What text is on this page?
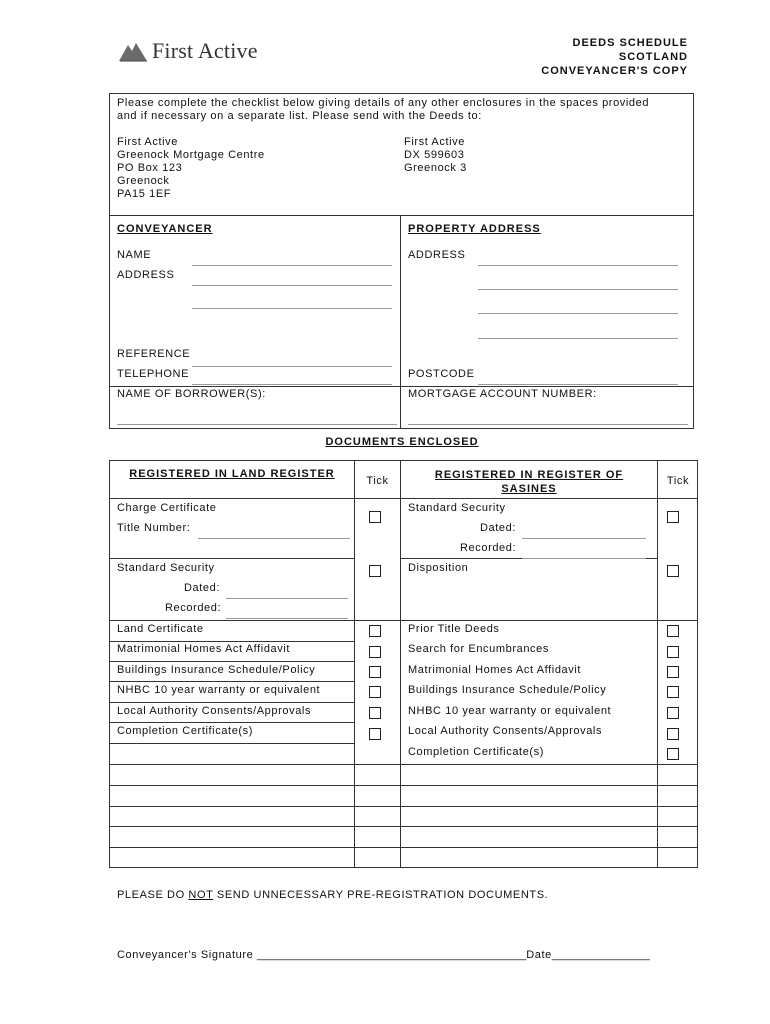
First Active	DEEDS SCHEDULE
SCOTLAND
CONVEYANCER'S COPY
Please complete the checklist below giving details of any other enclosures in the spaces provided
and if necessary on a separate list. Please send with the Deeds to:
First Active
Greenock Mortgage Centre
PO Box 123
Greenock
PA15 1EF
First Active
DX 599603
Greenock 3
CONVEYANCER
NAME
ADDRESS
REFERENCE
TELEPHONE
NAME OF BORROWER(S):
PROPERTY ADDRESS
ADDRESS
POSTCODE
MORTGAGE ACCOUNT NUMBER:
DOCUMENTS ENCLOSED
REGISTERED IN LAND REGISTER
Tick	REGISTERED IN REGISTER OF
SASINES
Tick
Charge Certificate
Title Number:
Standard Security
Dated:
Recorded:
Land Certificate
Matrimonial Homes Act Affidavit
Buildings Insurance Schedule/Policy
NHBC 10 year warranty or equivalent
Local Authority Consents/Approvals
Completion Certificate(s)
Standard Security
Dated:
Recorded:
Disposition
Prior Title Deeds
Search for Encumbrances
Matrimonial Homes Act Affidavit
Buildings Insurance Schedule/Policy
NHBC 10 year warranty or equivalent
Local Authority Consents/Approvals
Completion Certificate(s)
PLEASE DO NOT SEND UNNECESSARY PRE-REGISTRATION DOCUMENTS.
Conveyancer's Signature ____________________________________________Date________________
